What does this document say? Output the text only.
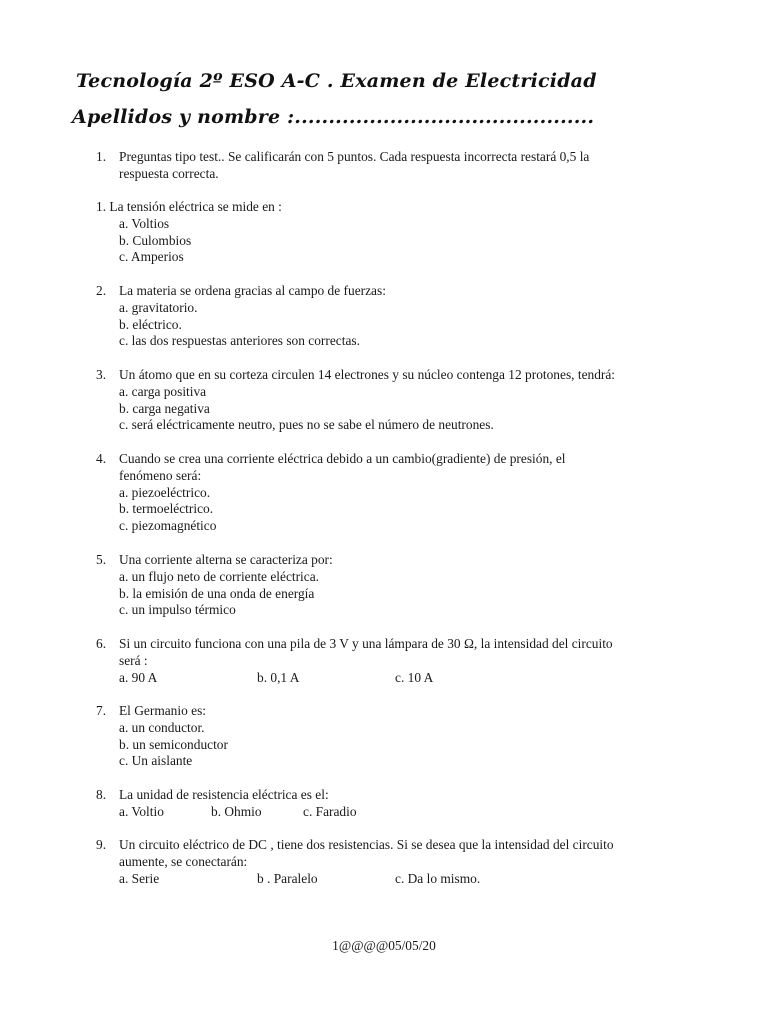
Tecnología 2º ESO A-C . Examen de Electricidad
Apellidos y nombre :............................................
1. Preguntas tipo test.. Se calificarán con 5 puntos. Cada respuesta incorrecta restará 0,5 la
respuesta correcta.
1. La tensión eléctrica se mide en :
a. Voltios
b. Culombios
c. Amperios
2. La materia se ordena gracias al campo de fuerzas:
a. gravitatorio.
b. eléctrico.
c. las dos respuestas anteriores son correctas.
3. Un átomo que en su corteza circulen 14 electrones y su núcleo contenga 12 protones, tendrá:
a. carga positiva
b. carga negativa
c. será eléctricamente neutro, pues no se sabe el número de neutrones.
4. Cuando se crea una corriente eléctrica debido a un cambio(gradiente) de presión, el
fenómeno será:
a. piezoeléctrico.
b. termoeléctrico.
c. piezomagnético
5. Una corriente alterna se caracteriza por:
a. un flujo neto de corriente eléctrica.
b. la emisión de una onda de energía
c. un impulso térmico
6. Si un circuito funciona con una pila de 3 V y una lámpara de 30 Ω, la intensidad del circuito
será :
a. 90 A	b. 0,1 A	c. 10 A
7. El Germanio es:
a. un conductor.
b. un semiconductor
c. Un aislante
8. La unidad de resistencia eléctrica es el:
a. Voltio	b. Ohmio	c. Faradio
9. Un circuito eléctrico de DC , tiene dos resistencias. Si se desea que la intensidad del circuito
aumente, se conectarán:
a. Serie	b . Paralelo	c. Da lo mismo.
1@@@@05/05/20
